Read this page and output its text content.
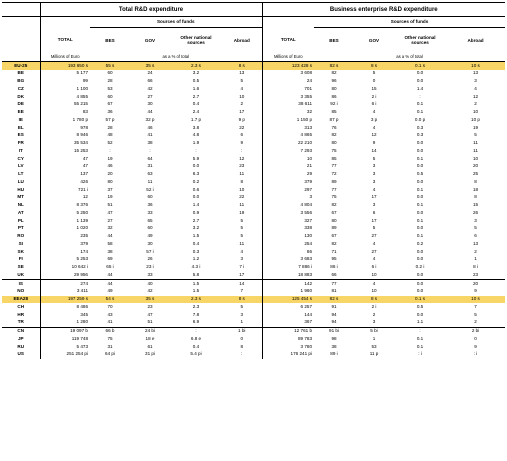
	Total R&D expenditure					Business enterprise R&D expenditure				
		Sources of funds					Sources of funds			
	TOTAL	BES	GOV	Other national sources	Abroad	TOTAL	BES	GOV	Other national sources	Abroad
	Millions of Euro	as a % of total				Millions of Euro	as a % of total			
EU-25	193 650 s	55 s	35 s	2.3 s	8 s	123 428 s	82 s	8 s	0.1 s	10 s
BE	5 177	60	24	3.2	13	3 608	82	5	0.0	13
BG	99	28	66	0.5	5	24	96	0	0.0	3
CZ	1 100	53	42	1.6	4	701	80	15	1.4	4
DK	4 855	60	27	2.7	10	3 355	86	2 i	:	12
DE	55 215	67	30	0.4	2	38 611	92 i	6 i	0.1	2
EE	83	36	44	2.4	17	32	85	4	0.1	10
IE	1 780 p	57 p	32 p	1.7 p	9 p	1 150 p	87 p	3 p	0.0 p	10 p
EL	978	28	46	3.8	22	313	76	4	0.3	19
ES	8 946	48	41	4.8	6	4 865	82	12	0.3	5
FR	35 534	52	38	1.9	9	22 210	80	9	0.0	11
IT	15 253	:	:	:	:	7 293	75	14	0.0	11
CY	47	19	64	5.9	12	10	85	5	0.1	10
LV	47	46	31	0.0	23	21	77	3	0.0	20
LT	137	20	63	6.3	11	29	72	3	0.5	25
LU	426	80	11	0.2	8	379	89	3	0.0	8
HU	721 i	37	52 i	0.6	10	297	77	4	0.1	18
MT	12	19	60	0.0	22	3	75	17	0.0	8
NL	8 376	51	36	1.4	11	4 804	82	3	0.1	15
AT	5 250	47	33	0.9	19	3 556	67	6	0.0	26
PL	1 139	27	65	2.7	5	327	80	17	0.1	3
PT	1 020	32	60	3.2	5	338	89	5	0.0	5
RO	235	44	49	1.5	5	130	67	27	0.1	6
SI	379	58	30	0.4	11	254	82	4	0.2	13
SK	174	38	57 i	0.3	4	86	71	27	0.0	2
FI	5 253	69	26	1.2	3	3 683	95	4	0.0	1
SE	10 642 i	65 i	23 i	4.3 i	7 i	7 886 i	86 i	6 i	0.2 i	8 i
UK	29 956	44	33	5.8	17	18 883	66	10	0.0	23
IS	274	44	40	1.5	14	142	77	4	0.0	20
NO	3 411	49	42	1.5	7	1 960	81	10	0.0	9
EEA28	197 259 s	54 s	35 s	2.3 s	8 s	125 454 s	82 s	8 s	0.1 s	10 s
CH	8 486	70	23	2.3	5	6 257	91	2 i	0.5	7
HR	345	43	47	7.8	3	144	94	2	0.0	5
TR	1 280	41	51	6.9	1	367	94	3	1.1	2
CN	19 097 b	66 b	24 bi	:	1 bi	12 761 b	91 bi	5 bi	:	2 bi
JP	119 748	75	18 e	6.8 e	0	89 783	98	1	0.1	0
RU	5 473	31	61	0.4	8	3 780	38	53	0.1	9
US	251 254 pi	64 pi	31 pi	5.4 pi	:	176 241 pi	89 i	11 p	: i	: i
